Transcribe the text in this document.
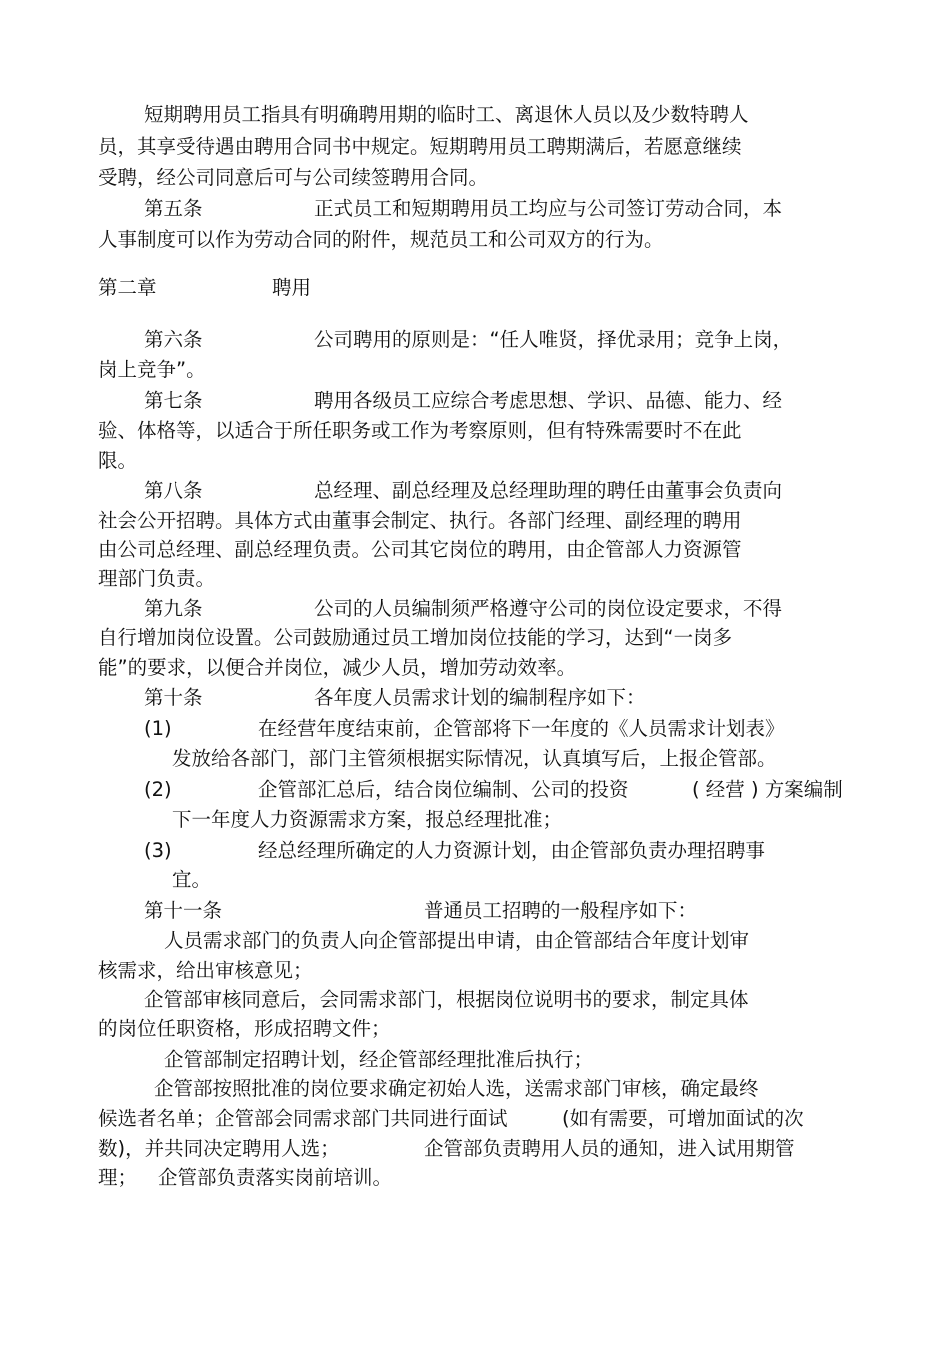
短期聘用员工指具有明确聘用期的临时工、离退休人员以及少数特聘人
员，其享受待遇由聘用合同书中规定。短期聘用员工聘期满后，若愿意继续
受聘，经公司同意后可与公司续签聘用合同。
第五条	正式员工和短期聘用员工均应与公司签订劳动合同，本
人事制度可以作为劳动合同的附件，规范员工和公司双方的行为。
第二章	聘用
第六条	公司聘用的原则是：“任人唯贤，择优录用；竞争上岗，
岗上竞争”。
第七条	聘用各级员工应综合考虑思想、学识、品德、能力、经
验、体格等，以适合于所任职务或工作为考察原则，但有特殊需要时不在此
限。
第八条	总经理、副总经理及总经理助理的聘任由董事会负责向
社会公开招聘。具体方式由董事会制定、执行。各部门经理、副经理的聘用
由公司总经理、副总经理负责。公司其它岗位的聘用，由企管部人力资源管
理部门负责。
第九条	公司的人员编制须严格遵守公司的岗位设定要求，不得
自行增加岗位设置。公司鼓励通过员工增加岗位技能的学习，达到“一岗多
能”的要求，以便合并岗位，减少人员，增加劳动效率。
第十条	各年度人员需求计划的编制程序如下：
(1)	在经营年度结束前，企管部将下一年度的《人员需求计划表》
发放给各部门，部门主管须根据实际情况，认真填写后，上报企管部。
(2)	企管部汇总后，结合岗位编制、公司的投资	( 经营 ) 方案编制
下一年度人力资源需求方案，报总经理批准；
(3)	经总经理所确定的人力资源计划，由企管部负责办理招聘事
宜。
第十一条	普通员工招聘的一般程序如下：
人员需求部门的负责人向企管部提出申请，由企管部结合年度计划审
核需求，给出审核意见；
企管部审核同意后，会同需求部门，根据岗位说明书的要求，制定具体
的岗位任职资格，形成招聘文件；
企管部制定招聘计划，经企管部经理批准后执行；
企管部按照批准的岗位要求确定初始人选，送需求部门审核，确定最终
候选者名单；企管部会同需求部门共同进行面试	(如有需要，可增加面试的次
数)，并共同决定聘用人选；	企管部负责聘用人员的通知，进入试用期管
理； 企管部负责落实岗前培训。
